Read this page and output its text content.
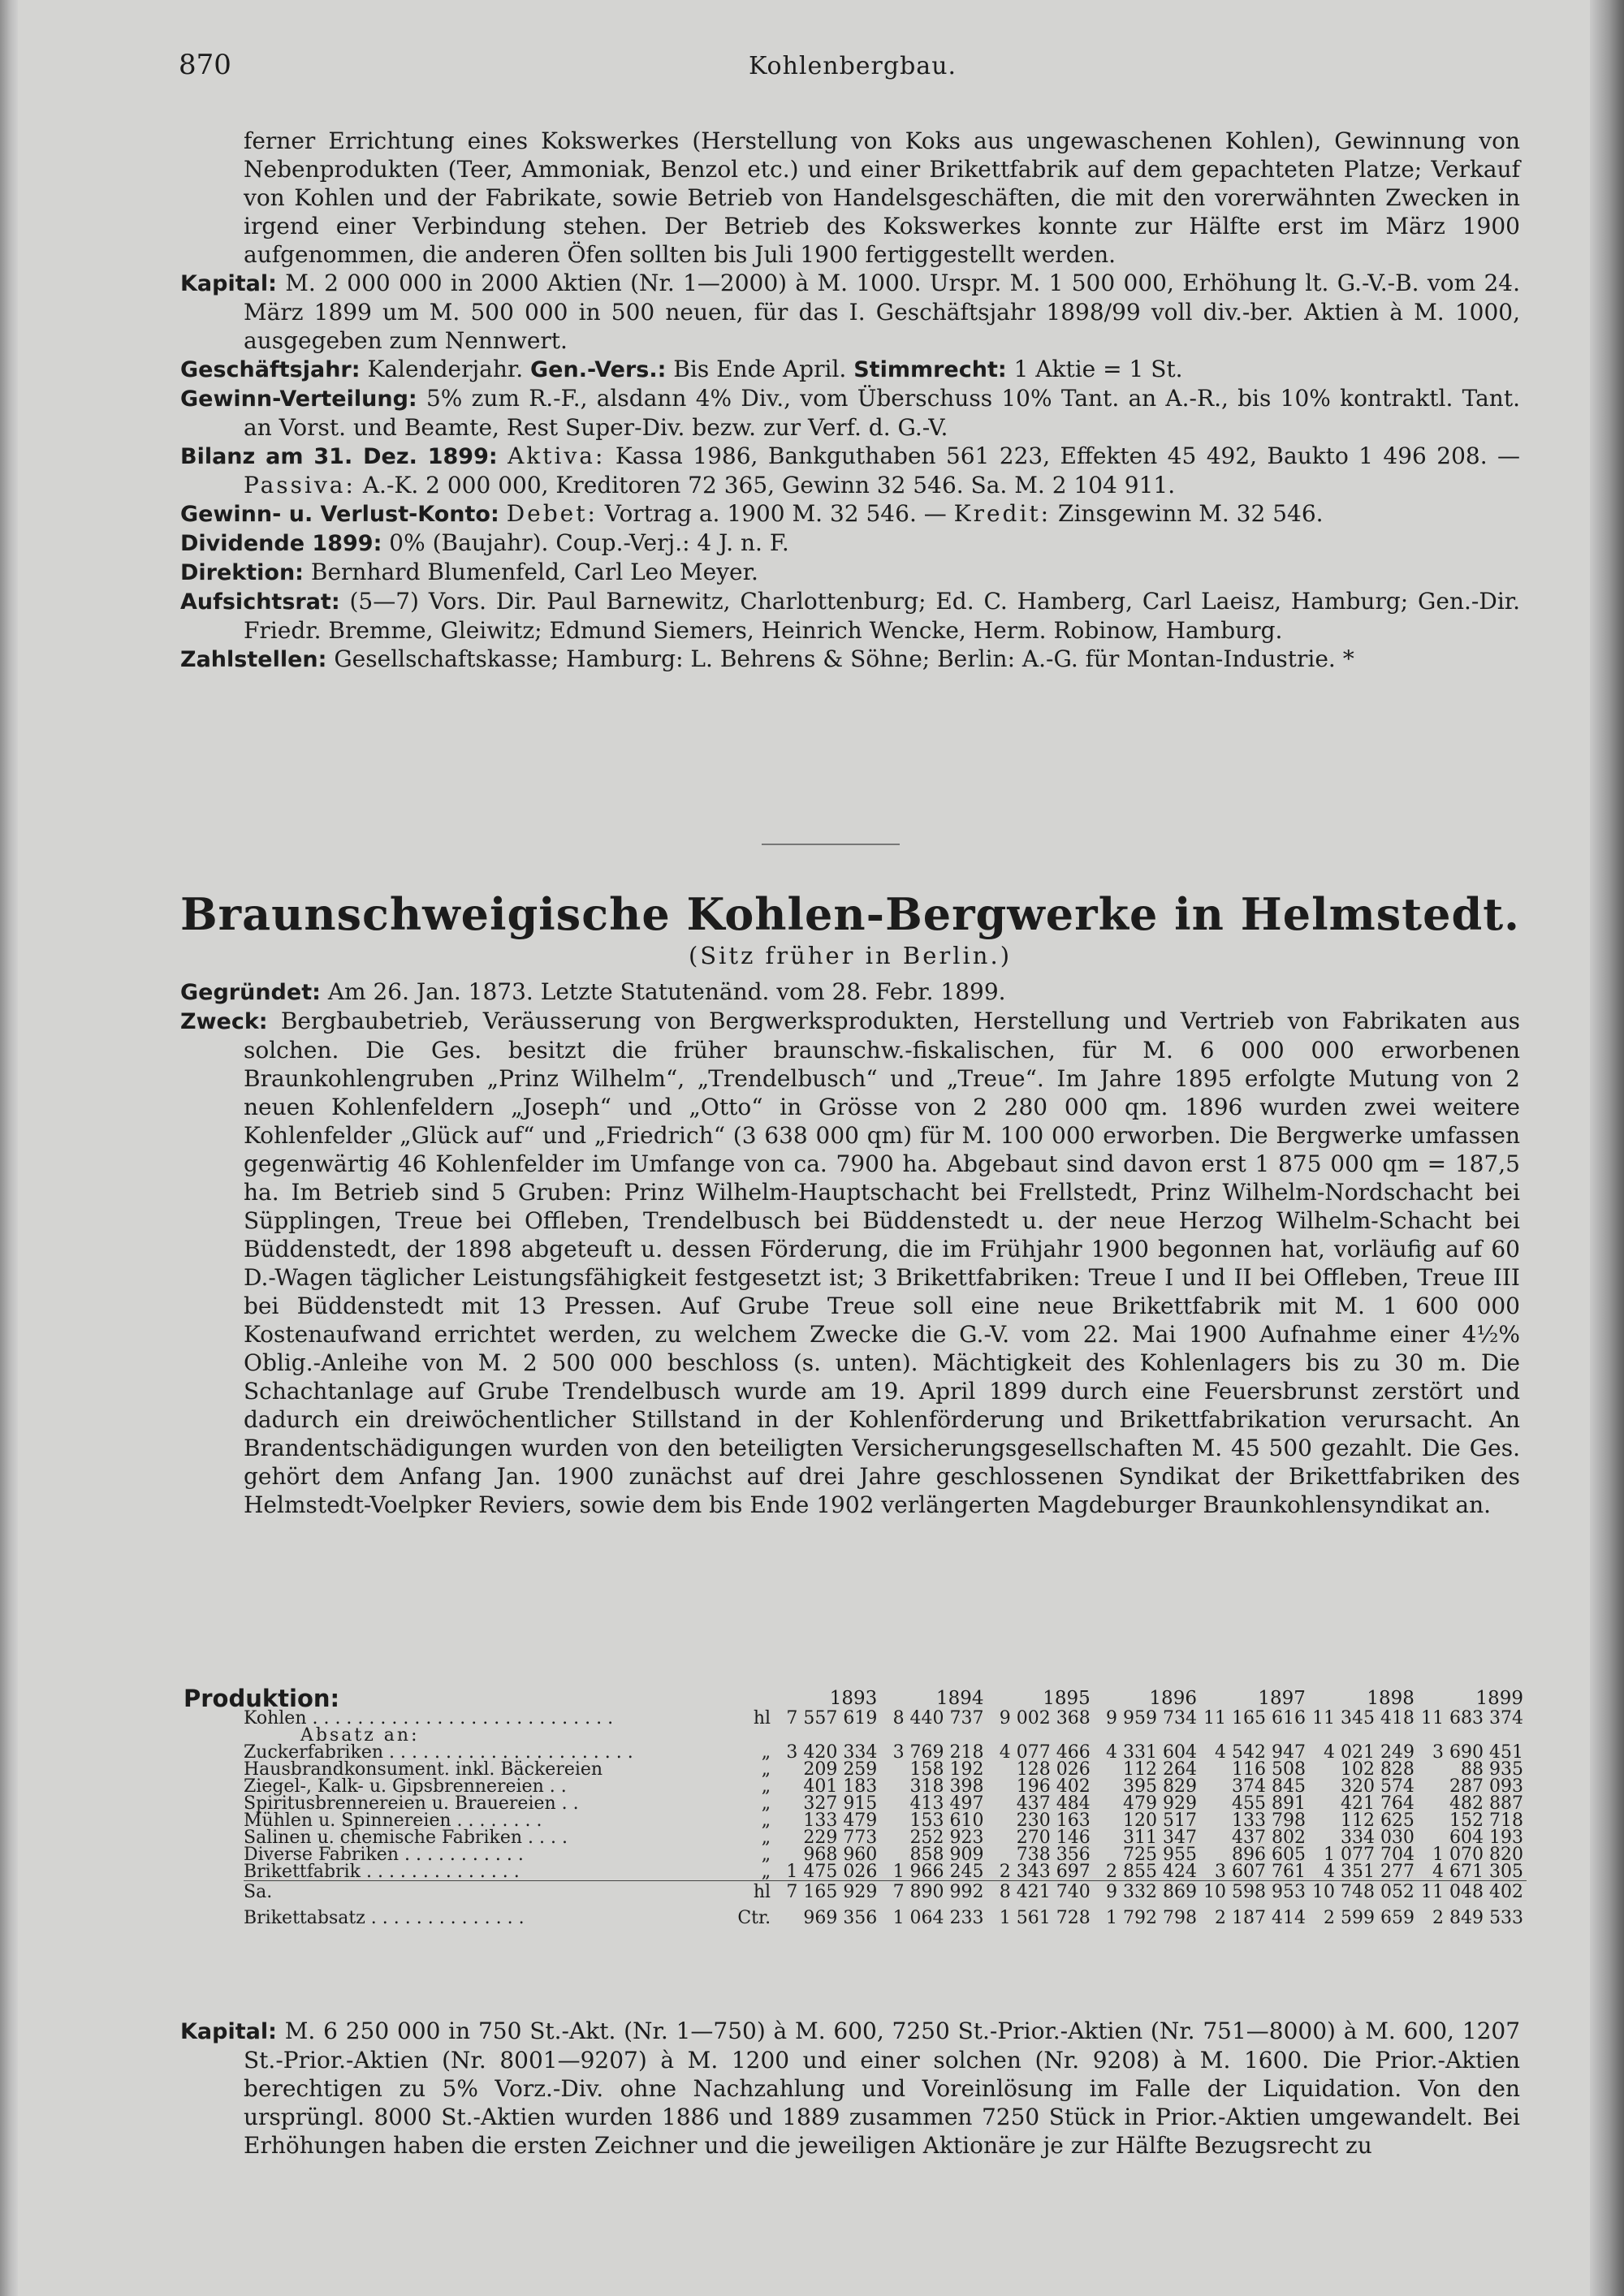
870	Kohlenbergbau.

ferner Errichtung eines Kokswerkes (Herstellung von Koks aus ungewaschenen Kohlen), Gewinnung von Nebenprodukten (Teer, Ammoniak, Benzol etc.) und einer Brikettfabrik auf dem gepachteten Platze; Verkauf von Kohlen und der Fabrikate, sowie Betrieb von Handelsgeschäften, die mit den vorerwähnten Zwecken in irgend einer Verbindung stehen. Der Betrieb des Kokswerkes konnte zur Hälfte erst im März 1900 aufgenommen, die anderen Öfen sollten bis Juli 1900 fertiggestellt werden.

Kapital: M. 2 000 000 in 2000 Aktien (Nr. 1—2000) à M. 1000. Urspr. M. 1 500 000, Erhöhung lt. G.-V.-B. vom 24. März 1899 um M. 500 000 in 500 neuen, für das I. Geschäftsjahr 1898/99 voll div.-ber. Aktien à M. 1000, ausgegeben zum Nennwert.

Geschäftsjahr: Kalenderjahr. Gen.-Vers.: Bis Ende April. Stimmrecht: 1 Aktie = 1 St.

Gewinn-Verteilung: 5% zum R.-F., alsdann 4% Div., vom Überschuss 10% Tant. an A.-R., bis 10% kontraktl. Tant. an Vorst. und Beamte, Rest Super-Div. bezw. zur Verf. d. G.-V.

Bilanz am 31. Dez. 1899: Aktiva: Kassa 1986, Bankguthaben 561 223, Effekten 45 492, Baukto 1 496 208. — Passiva: A.-K. 2 000 000, Kreditoren 72 365, Gewinn 32 546. Sa. M. 2 104 911.

Gewinn- u. Verlust-Konto: Debet: Vortrag a. 1900 M. 32 546. — Kredit: Zinsgewinn M. 32 546.

Dividende 1899: 0% (Baujahr). Coup.-Verj.: 4 J. n. F.

Direktion: Bernhard Blumenfeld, Carl Leo Meyer.

Aufsichtsrat: (5—7) Vors. Dir. Paul Barnewitz, Charlottenburg; Ed. C. Hamberg, Carl Laeisz, Hamburg; Gen.-Dir. Friedr. Bremme, Gleiwitz; Edmund Siemers, Heinrich Wencke, Herm. Robinow, Hamburg.

Zahlstellen: Gesellschaftskasse; Hamburg: L. Behrens & Söhne; Berlin: A.-G. für Montan-Industrie. *

Braunschweigische Kohlen-Bergwerke in Helmstedt.
(Sitz früher in Berlin.)

Gegründet: Am 26. Jan. 1873. Letzte Statutenänd. vom 28. Febr. 1899.

Zweck: Bergbaubetrieb, Veräusserung von Bergwerksprodukten, Herstellung und Vertrieb von Fabrikaten aus solchen. Die Ges. besitzt die früher braunschw.-fiskalischen, für M. 6 000 000 erworbenen Braunkohlengruben „Prinz Wilhelm“, „Trendelbusch“ und „Treue“. Im Jahre 1895 erfolgte Mutung von 2 neuen Kohlenfeldern „Joseph“ und „Otto“ in Grösse von 2 280 000 qm. 1896 wurden zwei weitere Kohlenfelder „Glück auf“ und „Friedrich“ (3 638 000 qm) für M. 100 000 erworben. Die Bergwerke umfassen gegenwärtig 46 Kohlenfelder im Umfange von ca. 7900 ha. Abgebaut sind davon erst 1 875 000 qm = 187,5 ha. Im Betrieb sind 5 Gruben: Prinz Wilhelm-Hauptschacht bei Frellstedt, Prinz Wilhelm-Nordschacht bei Süpplingen, Treue bei Offleben, Trendelbusch bei Büddenstedt u. der neue Herzog Wilhelm-Schacht bei Büddenstedt, der 1898 abgeteuft u. dessen Förderung, die im Frühjahr 1900 begonnen hat, vorläufig auf 60 D.-Wagen täglicher Leistungsfähigkeit festgesetzt ist; 3 Brikettfabriken: Treue I und II bei Offleben, Treue III bei Büddenstedt mit 13 Pressen. Auf Grube Treue soll eine neue Brikettfabrik mit M. 1 600 000 Kostenaufwand errichtet werden, zu welchem Zwecke die G.-V. vom 22. Mai 1900 Aufnahme einer 4½% Oblig.-Anleihe von M. 2 500 000 beschloss (s. unten). Mächtigkeit des Kohlenlagers bis zu 30 m. Die Schachtanlage auf Grube Trendelbusch wurde am 19. April 1899 durch eine Feuersbrunst zerstört und dadurch ein dreiwöchentlicher Stillstand in der Kohlenförderung und Brikettfabrikation verursacht. An Brandentschädigungen wurden von den beteiligten Versicherungsgesellschaften M. 45 500 gezahlt. Die Ges. gehört dem Anfang Jan. 1900 zunächst auf drei Jahre geschlossenen Syndikat der Brikettfabriken des Helmstedt-Voelpker Reviers, sowie dem bis Ende 1902 verlängerten Magdeburger Braunkohlensyndikat an.

Produktion:
			1893	1894	1895	1896	1897	1898	1899
Kohlen . . . . . . . . . . . . . . . . . . . . . . . . . . .	hl	7 557 619	8 440 737	9 002 368	9 959 734	11 165 616	11 345 418	11 683 374
Absatz an:								
Zuckerfabriken . . . . . . . . . . . . . . . . . . . . . .	„	3 420 334	3 769 218	4 077 466	4 331 604	4 542 947	4 021 249	3 690 451
Hausbrandkonsument. inkl. Bäckereien	„	209 259	158 192	128 026	112 264	116 508	102 828	88 935
Ziegel-, Kalk- u. Gipsbrennereien . .	„	401 183	318 398	196 402	395 829	374 845	320 574	287 093
Spiritusbrennereien u. Brauereien . .	„	327 915	413 497	437 484	479 929	455 891	421 764	482 887
Mühlen u. Spinnereien . . . . . . . .	„	133 479	153 610	230 163	120 517	133 798	112 625	152 718
Salinen u. chemische Fabriken . . . .	„	229 773	252 923	270 146	311 347	437 802	334 030	604 193
Diverse Fabriken . . . . . . . . . . .	„	968 960	858 909	738 356	725 955	896 605	1 077 704	1 070 820
Brikettfabrik . . . . . . . . . . . . . .	„	1 475 026	1 966 245	2 343 697	2 855 424	3 607 761	4 351 277	4 671 305
Sa.	hl	7 165 929	7 890 992	8 421 740	9 332 869	10 598 953	10 748 052	11 048 402
Brikettabsatz . . . . . . . . . . . . . .	Ctr.	969 356	1 064 233	1 561 728	1 792 798	2 187 414	2 599 659	2 849 533

Kapital: M. 6 250 000 in 750 St.-Akt. (Nr. 1—750) à M. 600, 7250 St.-Prior.-Aktien (Nr. 751—8000) à M. 600, 1207 St.-Prior.-Aktien (Nr. 8001—9207) à M. 1200 und einer solchen (Nr. 9208) à M. 1600. Die Prior.-Aktien berechtigen zu 5% Vorz.-Div. ohne Nachzahlung und Voreinlösung im Falle der Liquidation. Von den ursprüngl. 8000 St.-Aktien wurden 1886 und 1889 zusammen 7250 Stück in Prior.-Aktien umgewandelt. Bei Erhöhungen haben die ersten Zeichner und die jeweiligen Aktionäre je zur Hälfte Bezugsrecht zu
